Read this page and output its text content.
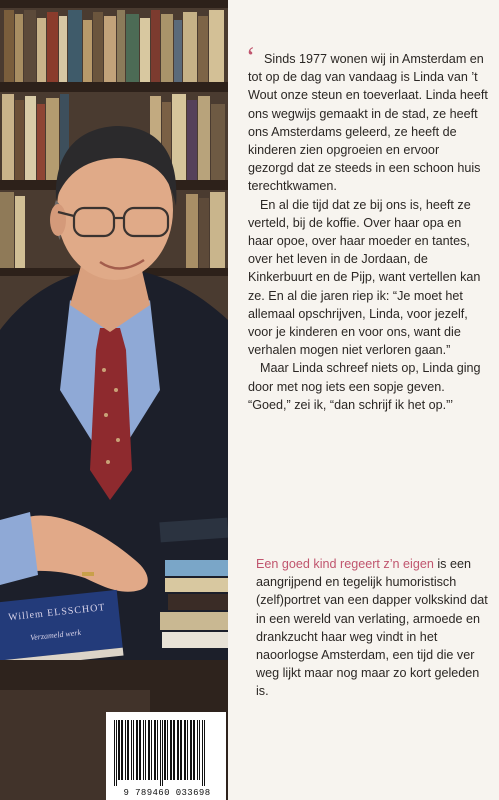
Willem ELSSCHOT
Verzameld werk
‘ Sinds 1977 wonen wij in Amsterdam en tot op de dag van vandaag is Linda van ’t Wout onze steun en toeverlaat. Linda heeft ons wegwijs gemaakt in de stad, ze heeft ons Amsterdams geleerd, ze heeft de kinderen zien opgroeien en ervoor gezorgd dat ze steeds in een schoon huis terechtkwamen.

En al die tijd dat ze bij ons is, heeft ze verteld, bij de koffie. Over haar opa en haar opoe, over haar moeder en tantes, over het leven in de Jordaan, de Kinkerbuurt en de Pijp, want vertellen kan ze. En al die jaren riep ik: “Je moet het allemaal opschrijven, Linda, voor jezelf, voor je kinderen en voor ons, want die verhalen mogen niet verloren gaan.”

Maar Linda schreef niets op, Linda ging door met nog iets een sopje geven. “Goed,” zei ik, “dan schrijf ik het op.”’

Een goed kind regeert z’n eigen is een aangrijpend en tegelijk humoristisch (zelf)portret van een dapper volkskind dat in een wereld van verlating, armoede en drankzucht haar weg vindt in het naoorlogse Amsterdam, een tijd die ver weg lijkt maar nog maar zo kort geleden is.
9 789460 033698
